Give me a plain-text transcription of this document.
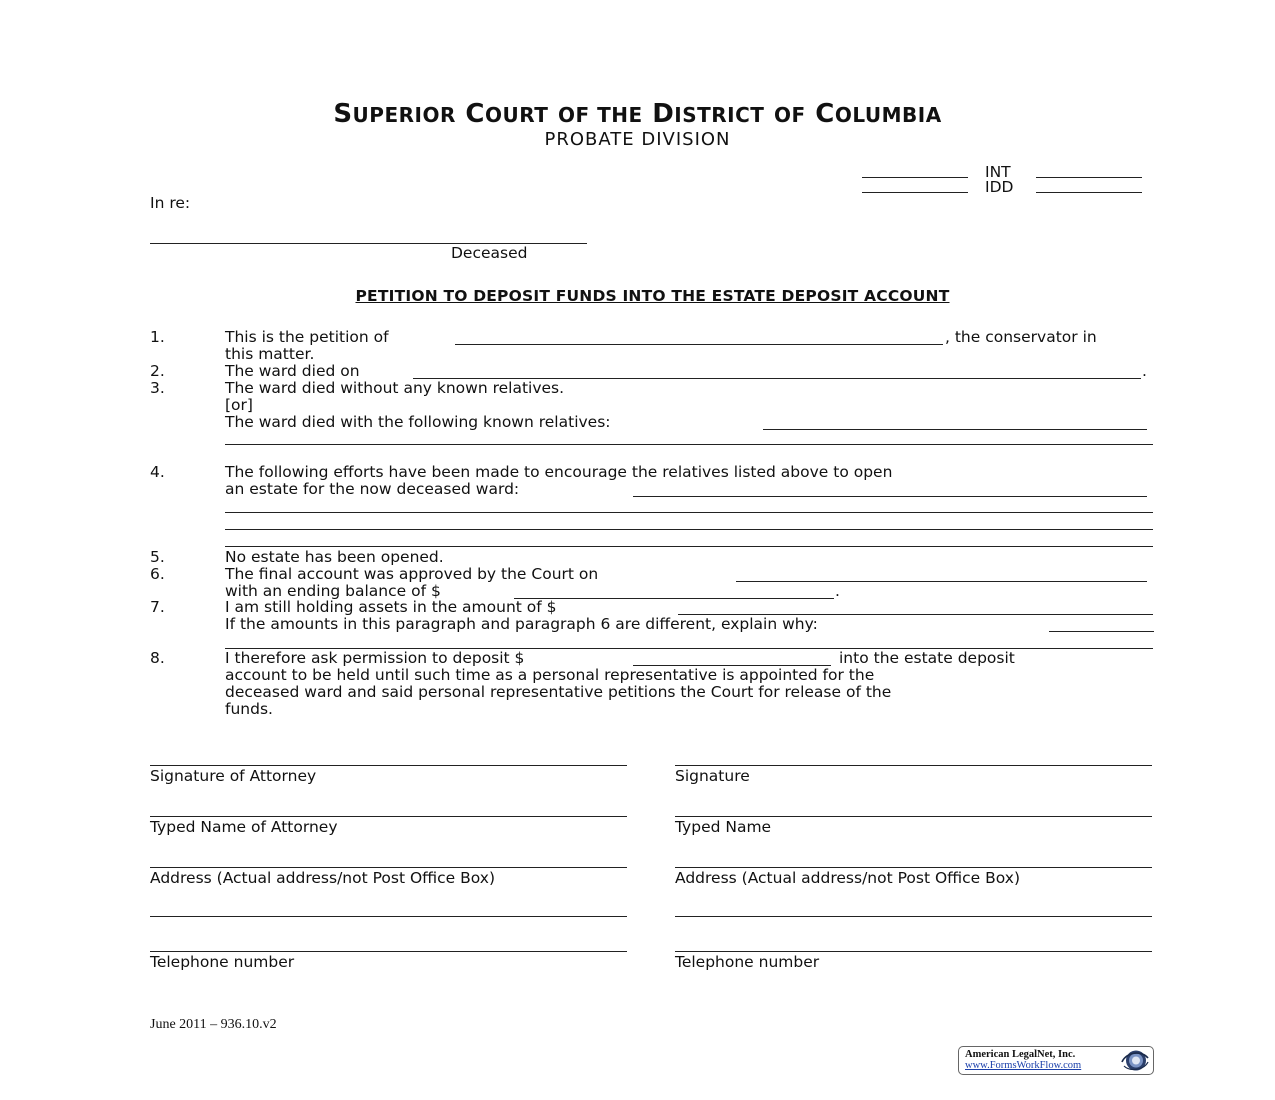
SUPERIOR COURT OF THE DISTRICT OF COLUMBIA
PROBATE DIVISION
INT
IDD
In re:
Deceased
PETITION TO DEPOSIT FUNDS INTO THE ESTATE DEPOSIT ACCOUNT
1.	This is the petition of	, the conservator in
this matter.
2.	The ward died on	.
3.	The ward died without any known relatives.
[or]
The ward died with the following known relatives:
4.	The following efforts have been made to encourage the relatives listed above to open
an estate for the now deceased ward:
5.	No estate has been opened.
6.	The final account was approved by the Court on
with an ending balance of $	.
7.	I am still holding assets in the amount of $
If the amounts in this paragraph and paragraph 6 are different, explain why:
8.	I therefore ask permission to deposit $	into the estate deposit
account to be held until such time as a personal representative is appointed for the
deceased ward and said personal representative petitions the Court for release of the
funds.
Signature of Attorney
Typed Name of Attorney
Address (Actual address/not Post Office Box)
Telephone number
Signature
Typed Name
Address (Actual address/not Post Office Box)
Telephone number
June 2011 – 936.10.v2
American LegalNet, Inc.
www.FormsWorkFlow.com
